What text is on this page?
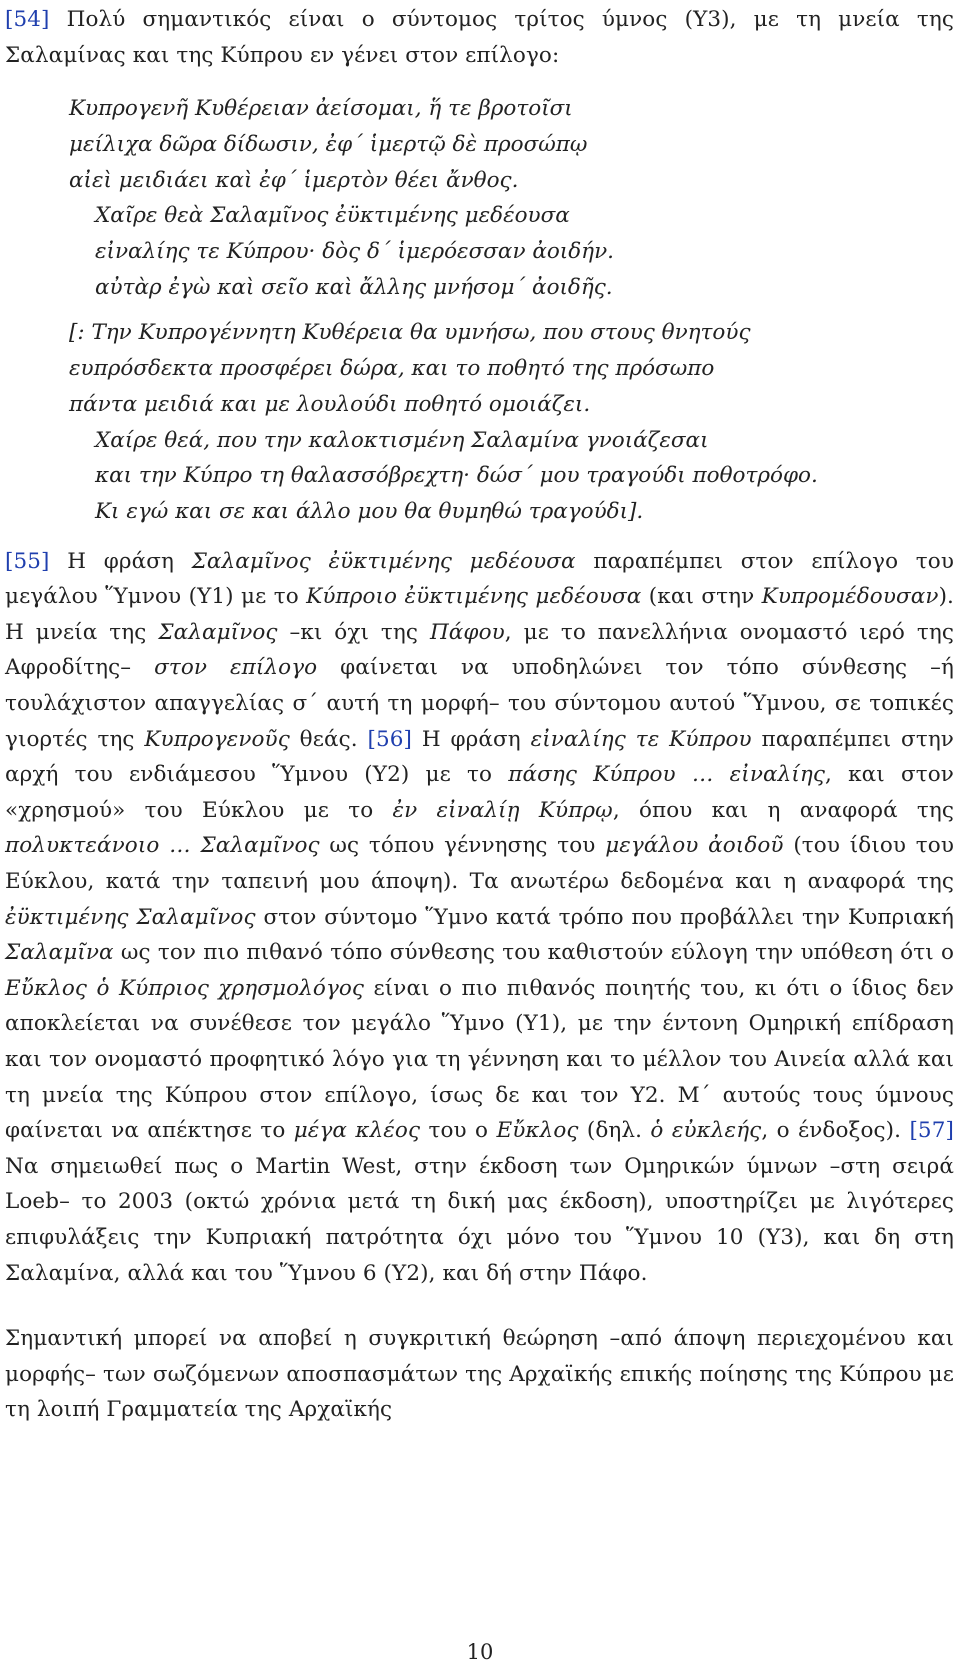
[54] Πολύ σημαντικός είναι ο σύντομος τρίτος ύμνος (Υ3), με τη μνεία της Σαλαμίνας και της Κύπρου εν γένει στον επίλογο:

Κυπρογενῆ Κυθέρειαν ἀείσομαι, ἥ τε βροτοῖσι
μείλιχα δῶρα δίδωσιν, ἐφ΄ ἱμερτῷ δὲ προσώπῳ
αἰεὶ μειδιάει καὶ ἐφ΄ ἱμερτὸν θέει ἄνθος.
Χαῖρε θεὰ Σαλαμῖνος ἐϋκτιμένης μεδέουσα
εἰναλίης τε Κύπρου· δὸς δ΄ ἱμερόεσσαν ἀοιδήν.
αὐτὰρ ἐγὼ καὶ σεῖο καὶ ἄλλης μνήσομ΄ ἀοιδῆς.
[: Την Κυπρογέννητη Κυθέρεια θα υμνήσω, που στους θνητούς
ευπρόσδεκτα προσφέρει δώρα, και το ποθητό της πρόσωπο
πάντα μειδιά και με λουλούδι ποθητό ομοιάζει.
Χαίρε θεά, που την καλοκτισμένη Σαλαμίνα γνοιάζεσαι
και την Κύπρο τη θαλασσόβρεχτη· δώσ΄ μου τραγούδι ποθοτρόφο.
Κι εγώ και σε και άλλο μου θα θυμηθώ τραγούδι].

[55] Η φράση Σαλαμῖνος ἐϋκτιμένης μεδέουσα παραπέμπει στον επίλογο του μεγάλου Ὕμνου (Υ1) με το Κύπροιο ἐϋκτιμένης μεδέουσα (και στην Κυπρομέδουσαν). Η μνεία της Σαλαμῖνος –κι όχι της Πάφου, με το πανελλήνια ονομαστό ιερό της Αφροδίτης– στον επίλογο φαίνεται να υποδηλώνει τον τόπο σύνθεσης –ή τουλάχιστον απαγγελίας σ΄ αυτή τη μορφή– του σύντομου αυτού Ὕμνου, σε τοπικές γιορτές της Κυπρογενοῦς θεάς. [56] Η φράση εἰναλίης τε Κύπρου παραπέμπει στην αρχή του ενδιάμεσου Ὕμνου (Υ2) με το πάσης Κύπρου … εἰναλίης, και στον «χρησμού» του Εύκλου με το ἐν εἰναλίῃ Κύπρῳ, όπου και η αναφορά της πολυκτεάνοιο … Σαλαμῖνος ως τόπου γέννησης του μεγάλου ἀοιδοῦ (του ίδιου του Εύκλου, κατά την ταπεινή μου άποψη). Τα ανωτέρω δεδομένα και η αναφορά της ἐϋκτιμένης Σαλαμῖνος στον σύντομο Ὕμνο κατά τρόπο που προβάλλει την Κυπριακή Σαλαμῖνα ως τον πιο πιθανό τόπο σύνθεσης του καθιστούν εύλογη την υπόθεση ότι ο Εὔκλος ὁ Κύπριος χρησμολόγος είναι ο πιο πιθανός ποιητής του, κι ότι ο ίδιος δεν αποκλείεται να συνέθεσε τον μεγάλο Ὕμνο (Υ1), με την έντονη Ομηρική επίδραση και τον ονομαστό προφητικό λόγο για τη γέννηση και το μέλλον του Αινεία αλλά και τη μνεία της Κύπρου στον επίλογο, ίσως δε και τον Υ2. Μ΄ αυτούς τους ύμνους φαίνεται να απέκτησε το μέγα κλέος του ο Εὔκλος (δηλ. ὁ εὐκλεής, ο ένδοξος). [57] Να σημειωθεί πως ο Martin West, στην έκδοση των Ομηρικών ύμνων –στη σειρά Loeb– το 2003 (οκτώ χρόνια μετά τη δική μας έκδοση), υποστηρίζει με λιγότερες επιφυλάξεις την Κυπριακή πατρότητα όχι μόνο του Ὕμνου 10 (Υ3), και δη στη Σαλαμίνα, αλλά και του Ὕμνου 6 (Υ2), και δή στην Πάφο.

Σημαντική μπορεί να αποβεί η συγκριτική θεώρηση –από άποψη περιεχομένου και μορφής– των σωζόμενων αποσπασμάτων της Αρχαϊκής επικής ποίησης της Κύπρου με τη λοιπή Γραμματεία της Αρχαϊκής

10
